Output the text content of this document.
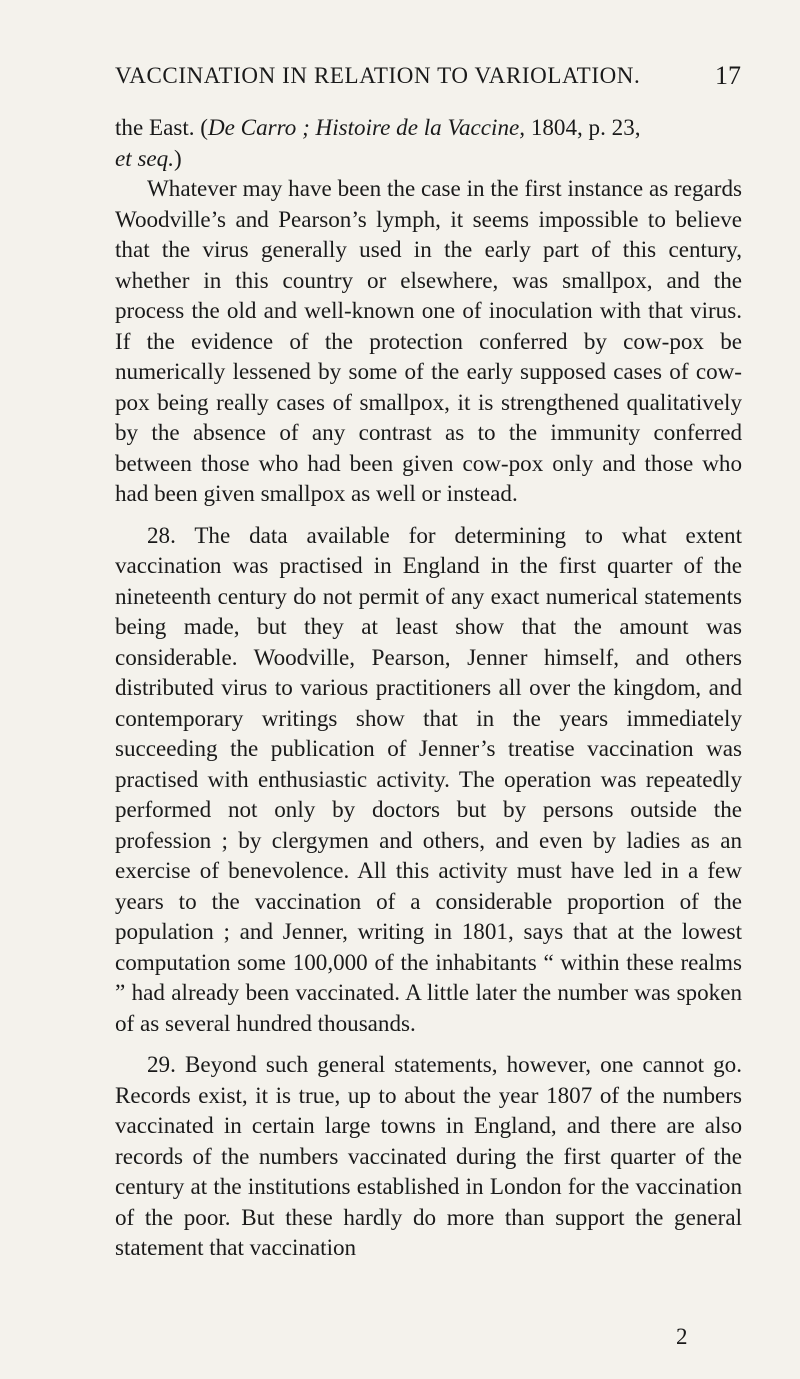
VACCINATION IN RELATION TO VARIOLATION.	17

the East. (De Carro ; Histoire de la Vaccine, 1804, p. 23,
et seq.)

Whatever may have been the case in the first instance as regards Woodville’s and Pearson’s lymph, it seems impossible to believe that the virus generally used in the early part of this century, whether in this country or elsewhere, was smallpox, and the process the old and well-known one of inoculation with that virus. If the evidence of the protection conferred by cow-pox be numerically lessened by some of the early supposed cases of cow-pox being really cases of smallpox, it is strengthened qualitatively by the absence of any contrast as to the immunity conferred between those who had been given cow-pox only and those who had been given smallpox as well or instead.

28. The data available for determining to what extent vaccination was practised in England in the first quarter of the nineteenth century do not permit of any exact numerical statements being made, but they at least show that the amount was considerable. Woodville, Pearson, Jenner himself, and others distributed virus to various practitioners all over the kingdom, and contemporary writings show that in the years immediately succeeding the publication of Jenner’s treatise vaccination was practised with enthusiastic activity. The operation was repeatedly performed not only by doctors but by persons outside the profession ; by clergymen and others, and even by ladies as an exercise of benevolence. All this activity must have led in a few years to the vaccination of a considerable proportion of the population ; and Jenner, writing in 1801, says that at the lowest computation some 100,000 of the inhabitants “ within these realms ” had already been vaccinated. A little later the number was spoken of as several hundred thousands.

29. Beyond such general statements, however, one cannot go. Records exist, it is true, up to about the year 1807 of the numbers vaccinated in certain large towns in England, and there are also records of the numbers vaccinated during the first quarter of the century at the institutions established in London for the vaccination of the poor. But these hardly do more than support the general statement that vaccination

2
